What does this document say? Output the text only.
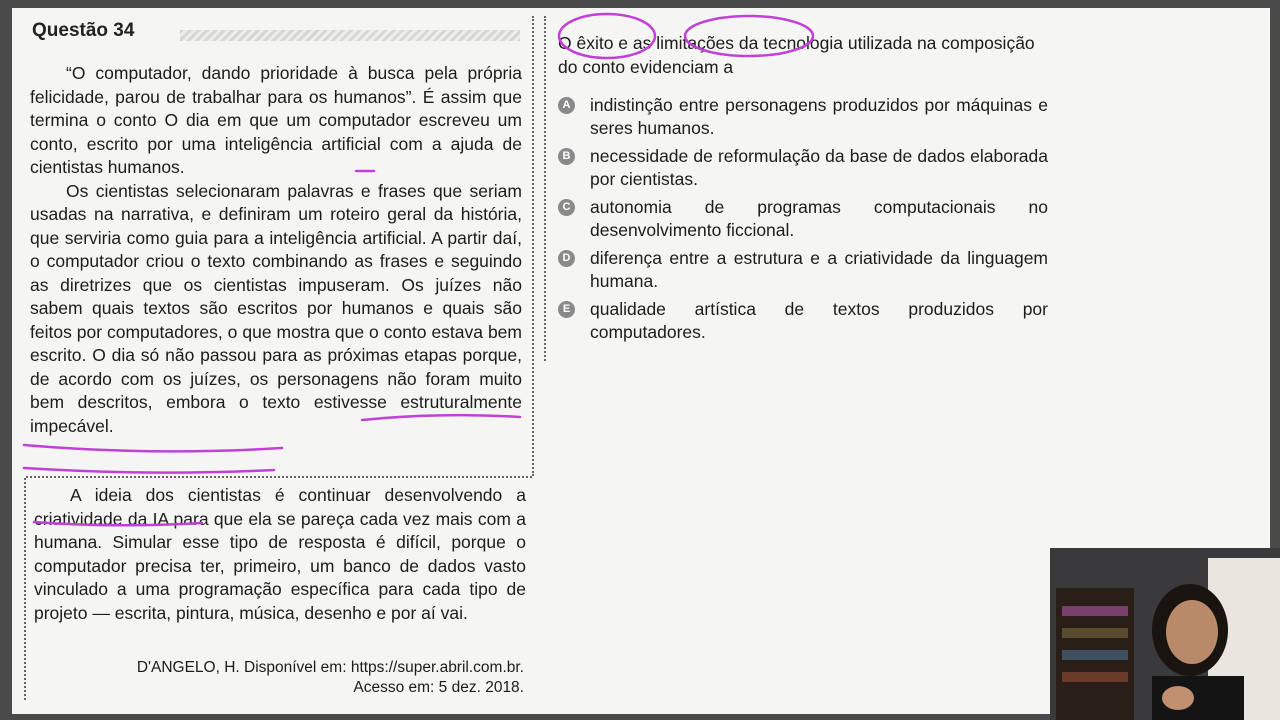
Questão 34

“O computador, dando prioridade à busca pela própria felicidade, parou de trabalhar para os humanos”. É assim que termina o conto O dia em que um computador escreveu um conto, escrito por uma inteligência artificial com a ajuda de cientistas humanos.

Os cientistas selecionaram palavras e frases que seriam usadas na narrativa, e definiram um roteiro geral da história, que serviria como guia para a inteligência artificial. A partir daí, o computador criou o texto combinando as frases e seguindo as diretrizes que os cientistas impuseram. Os juízes não sabem quais textos são escritos por humanos e quais são feitos por computadores, o que mostra que o conto estava bem escrito. O dia só não passou para as próximas etapas porque, de acordo com os juízes, os personagens não foram muito bem descritos, embora o texto estivesse estruturalmente impecável.

A ideia dos cientistas é continuar desenvolvendo a criatividade da IA para que ela se pareça cada vez mais com a humana. Simular esse tipo de resposta é difícil, porque o computador precisa ter, primeiro, um banco de dados vasto vinculado a uma programação específica para cada tipo de projeto — escrita, pintura, música, desenho e por aí vai.

D'ANGELO, H. Disponível em: https://super.abril.com.br.
Acesso em: 5 dez. 2018.
O êxito e as limitações da tecnologia utilizada na composição do conto evidenciam a
A indistinção entre personagens produzidos por máquinas e seres humanos.
B necessidade de reformulação da base de dados elaborada por cientistas.
C autonomia de programas computacionais no desenvolvimento ficcional.
D diferença entre a estrutura e a criatividade da linguagem humana.
E qualidade artística de textos produzidos por computadores.
